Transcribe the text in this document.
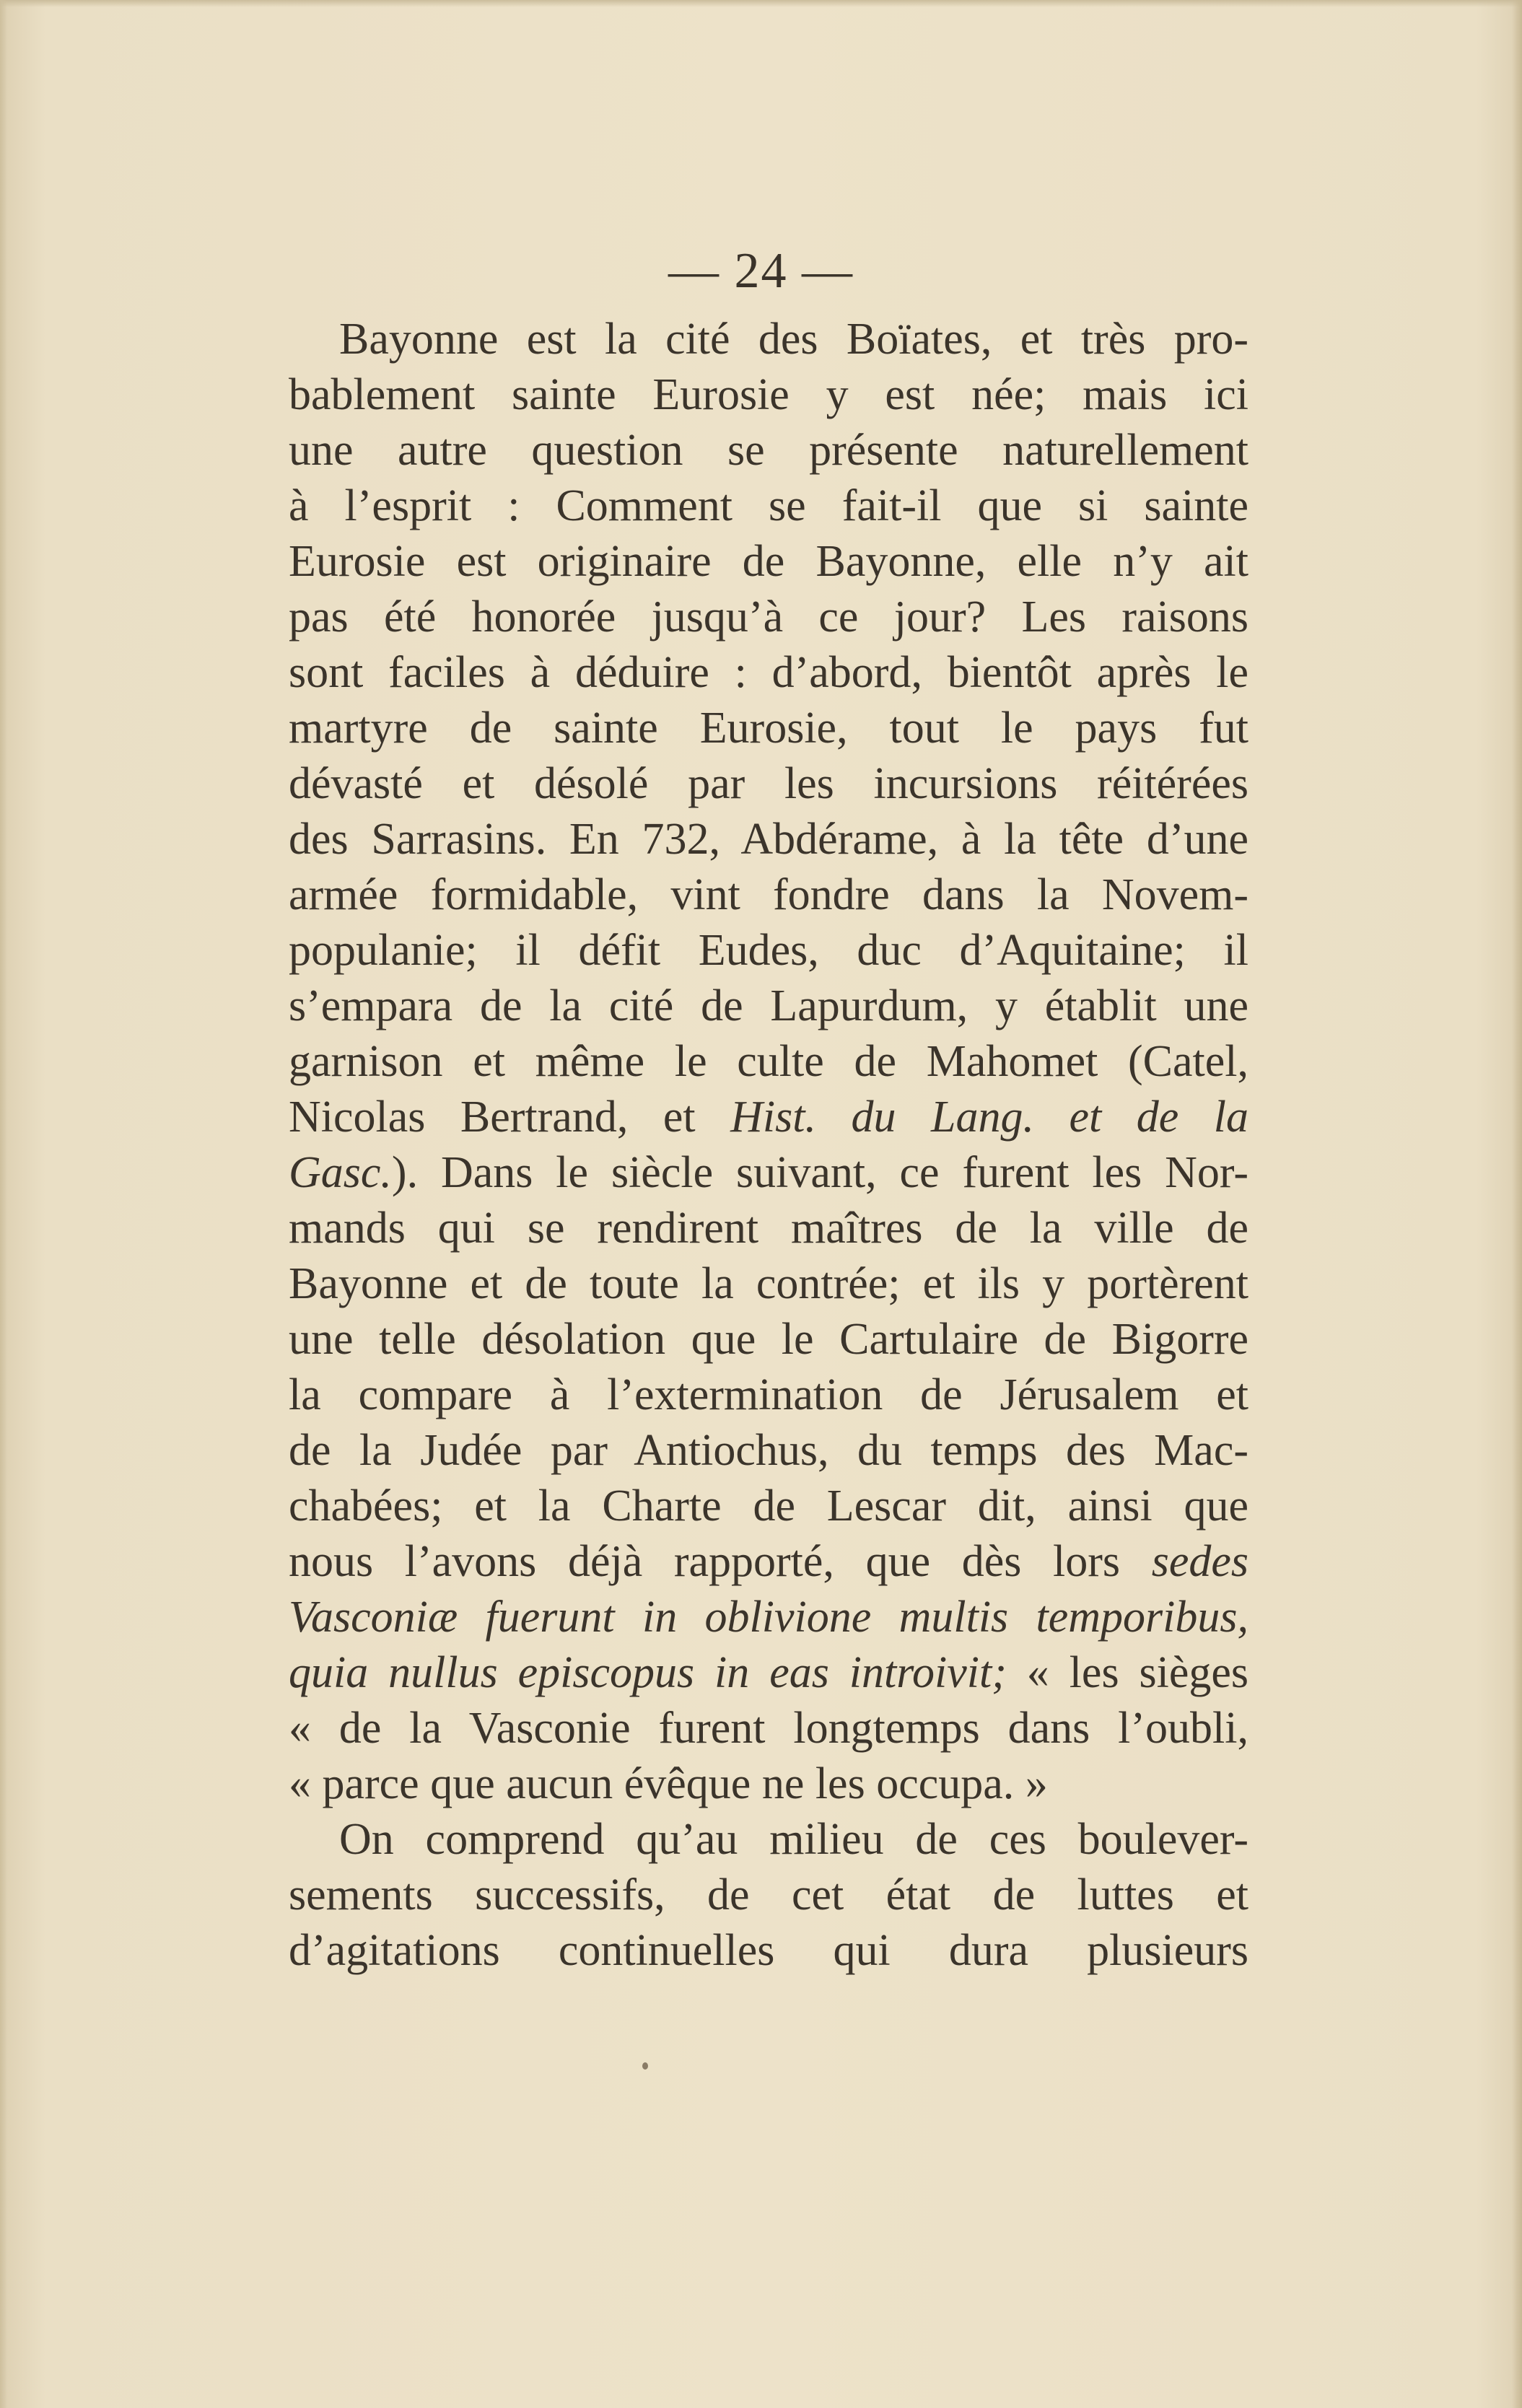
— 24 —
Bayonne est la cité des Boïates, et très pro-
bablement sainte Eurosie y est née; mais ici
une autre question se présente naturellement
à l’esprit : Comment se fait-il que si sainte
Eurosie est originaire de Bayonne, elle n’y ait
pas été honorée jusqu’à ce jour? Les raisons
sont faciles à déduire : d’abord, bientôt après le
martyre de sainte Eurosie, tout le pays fut
dévasté et désolé par les incursions réitérées
des Sarrasins. En 732, Abdérame, à la tête d’une
armée formidable, vint fondre dans la Novem-
populanie; il défit Eudes, duc d’Aquitaine; il
s’empara de la cité de Lapurdum, y établit une
garnison et même le culte de Mahomet (Catel,
Nicolas Bertrand, et Hist. du Lang. et de la
Gasc.). Dans le siècle suivant, ce furent les Nor-
mands qui se rendirent maîtres de la ville de
Bayonne et de toute la contrée; et ils y portèrent
une telle désolation que le Cartulaire de Bigorre
la compare à l’extermination de Jérusalem et
de la Judée par Antiochus, du temps des Mac-
chabées; et la Charte de Lescar dit, ainsi que
nous l’avons déjà rapporté, que dès lors sedes
Vasconiæ fuerunt in oblivione multis temporibus,
quia nullus episcopus in eas introivit; « les sièges
« de la Vasconie furent longtemps dans l’oubli,
« parce que aucun évêque ne les occupa. »
On comprend qu’au milieu de ces boulever-
sements successifs, de cet état de luttes et
d’agitations continuelles qui dura plusieurs
